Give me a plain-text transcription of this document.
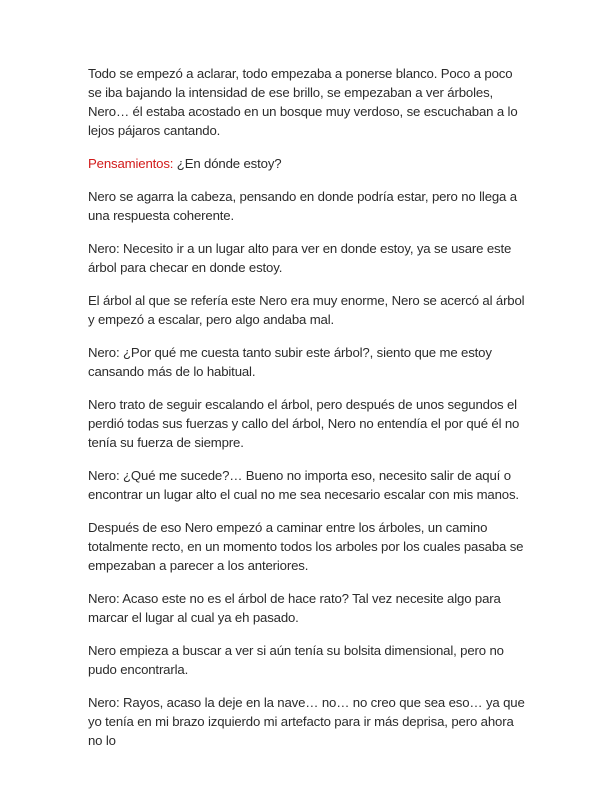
Todo se empezó a aclarar, todo empezaba a ponerse blanco. Poco a poco se iba bajando la intensidad de ese brillo, se empezaban a ver árboles, Nero… él estaba acostado en un bosque muy verdoso, se escuchaban a lo lejos pájaros cantando.

Pensamientos: ¿En dónde estoy?

Nero se agarra la cabeza, pensando en donde podría estar, pero no llega a una respuesta coherente.

Nero: Necesito ir a un lugar alto para ver en donde estoy, ya se usare este árbol para checar en donde estoy.

El árbol al que se refería este Nero era muy enorme, Nero se acercó al árbol y empezó a escalar, pero algo andaba mal.

Nero: ¿Por qué me cuesta tanto subir este árbol?, siento que me estoy cansando más de lo habitual.

Nero trato de seguir escalando el árbol, pero después de unos segundos el perdió todas sus fuerzas y callo del árbol, Nero no entendía el por qué él no tenía su fuerza de siempre.

Nero: ¿Qué me sucede?… Bueno no importa eso, necesito salir de aquí o encontrar un lugar alto el cual no me sea necesario escalar con mis manos.

Después de eso Nero empezó a caminar entre los árboles, un camino totalmente recto, en un momento todos los arboles por los cuales pasaba se empezaban a parecer a los anteriores.

Nero: Acaso este no es el árbol de hace rato? Tal vez necesite algo para marcar el lugar al cual ya eh pasado.

Nero empieza a buscar a ver si aún tenía su bolsita dimensional, pero no pudo encontrarla.

Nero: Rayos, acaso la deje en la nave… no… no creo que sea eso… ya que yo tenía en mi brazo izquierdo mi artefacto para ir más deprisa, pero ahora no lo
